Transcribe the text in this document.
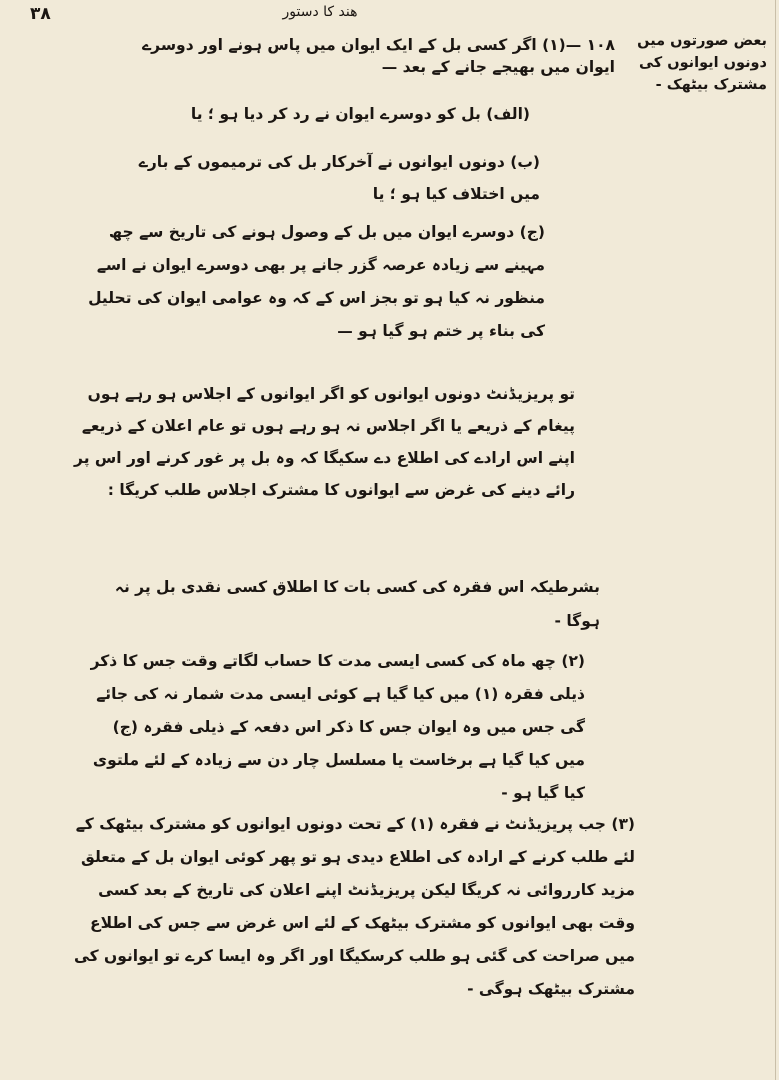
۳۸	هند کا دستور
بعض صورتوں میں دونوں ایوانوں کی مشترک بیٹھک -

۱۰۸ —(۱) اگر کسی بل کے ایک ایوان میں پاس ہونے اور دوسرے ایوان میں بھیجے جانے کے بعد —

(الف) بل کو دوسرے ایوان نے رد کر دیا ہو ؛ یا

(ب) دونوں ایوانوں نے آخرکار بل کی ترمیموں کے بارے میں اختلاف کیا ہو ؛ یا

(ج) دوسرے ایوان میں بل کے وصول ہونے کی تاریخ سے چھ مہینے سے زیادہ عرصہ گزر جانے پر بھی دوسرے ایوان نے اسے منظور نہ کیا ہو تو بجز اس کے کہ وہ عوامی ایوان کی تحلیل کی بناء پر ختم ہو گیا ہو —

تو پریزیڈنٹ دونوں ایوانوں کو اگر ایوانوں کے اجلاس ہو رہے ہوں پیغام کے ذریعے یا اگر اجلاس نہ ہو رہے ہوں تو عام اعلان کے ذریعے اپنے اس ارادے کی اطلاع دے سکیگا کہ وہ بل پر غور کرنے اور اس پر رائے دینے کی غرض سے ایوانوں کا مشترک اجلاس طلب کریگا :

بشرطیکہ اس فقرہ کی کسی بات کا اطلاق کسی نقدی بل پر نہ ہوگا -

(۲) چھ ماہ کی کسی ایسی مدت کا حساب لگاتے وقت جس کا ذکر ذیلی فقرہ (۱) میں کیا گیا ہے کوئی ایسی مدت شمار نہ کی جائے گی جس میں وہ ایوان جس کا ذکر اس دفعہ کے ذیلی فقرہ (ج) میں کیا گیا ہے برخاست یا مسلسل چار دن سے زیادہ کے لئے ملتوی کیا گیا ہو -

(۳) جب پریزیڈنٹ نے فقرہ (۱) کے تحت دونوں ایوانوں کو مشترک بیٹھک کے لئے طلب کرنے کے ارادہ کی اطلاع دیدی ہو تو پھر کوئی ایوان بل کے متعلق مزید کارروائی نہ کریگا لیکن پریزیڈنٹ اپنے اعلان کی تاریخ کے بعد کسی وقت بھی ایوانوں کو مشترک بیٹھک کے لئے اس غرض سے جس کی اطلاع میں صراحت کی گئی ہو طلب کرسکیگا اور اگر وہ ایسا کرے تو ایوانوں کی مشترک بیٹھک ہوگی -
